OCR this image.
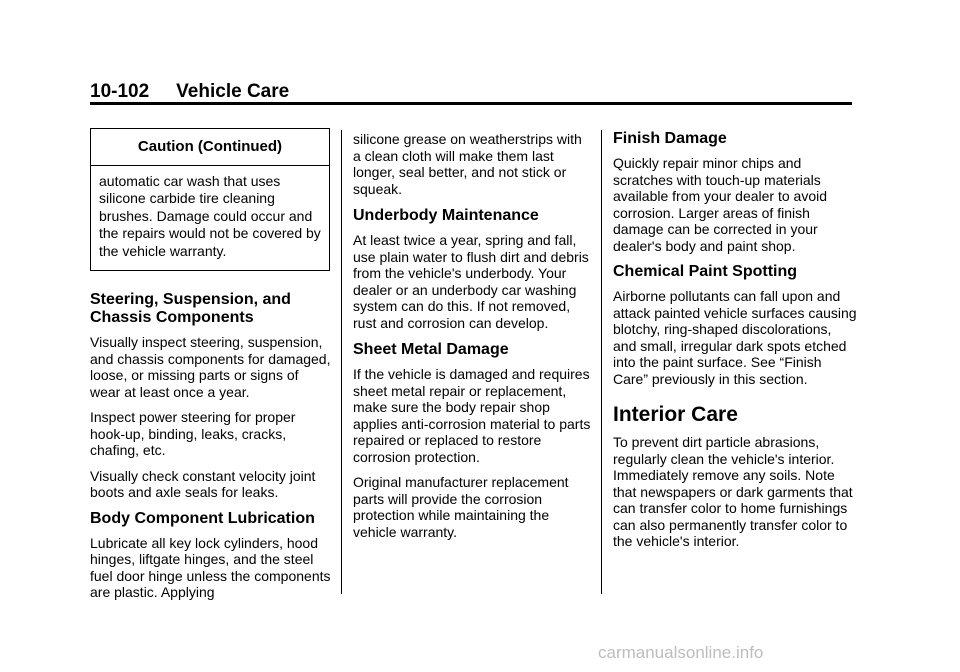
10-102 Vehicle Care
Caution (Continued)
automatic car wash that uses silicone carbide tire cleaning brushes. Damage could occur and the repairs would not be covered by the vehicle warranty.
Steering, Suspension, and Chassis Components

Visually inspect steering, suspension, and chassis components for damaged, loose, or missing parts or signs of wear at least once a year.

Inspect power steering for proper hook-up, binding, leaks, cracks, chafing, etc.

Visually check constant velocity joint boots and axle seals for leaks.

Body Component Lubrication

Lubricate all key lock cylinders, hood hinges, liftgate hinges, and the steel fuel door hinge unless the components are plastic. Applying

silicone grease on weatherstrips with a clean cloth will make them last longer, seal better, and not stick or squeak.

Underbody Maintenance

At least twice a year, spring and fall, use plain water to flush dirt and debris from the vehicle's underbody. Your dealer or an underbody car washing system can do this. If not removed, rust and corrosion can develop.

Sheet Metal Damage

If the vehicle is damaged and requires sheet metal repair or replacement, make sure the body repair shop applies anti-corrosion material to parts repaired or replaced to restore corrosion protection.

Original manufacturer replacement parts will provide the corrosion protection while maintaining the vehicle warranty.

Finish Damage

Quickly repair minor chips and scratches with touch-up materials available from your dealer to avoid corrosion. Larger areas of finish damage can be corrected in your dealer's body and paint shop.

Chemical Paint Spotting

Airborne pollutants can fall upon and attack painted vehicle surfaces causing blotchy, ring-shaped discolorations, and small, irregular dark spots etched into the paint surface. See “Finish Care” previously in this section.

Interior Care

To prevent dirt particle abrasions, regularly clean the vehicle's interior. Immediately remove any soils. Note that newspapers or dark garments that can transfer color to home furnishings can also permanently transfer color to the vehicle's interior.

carmanualsonline.info
